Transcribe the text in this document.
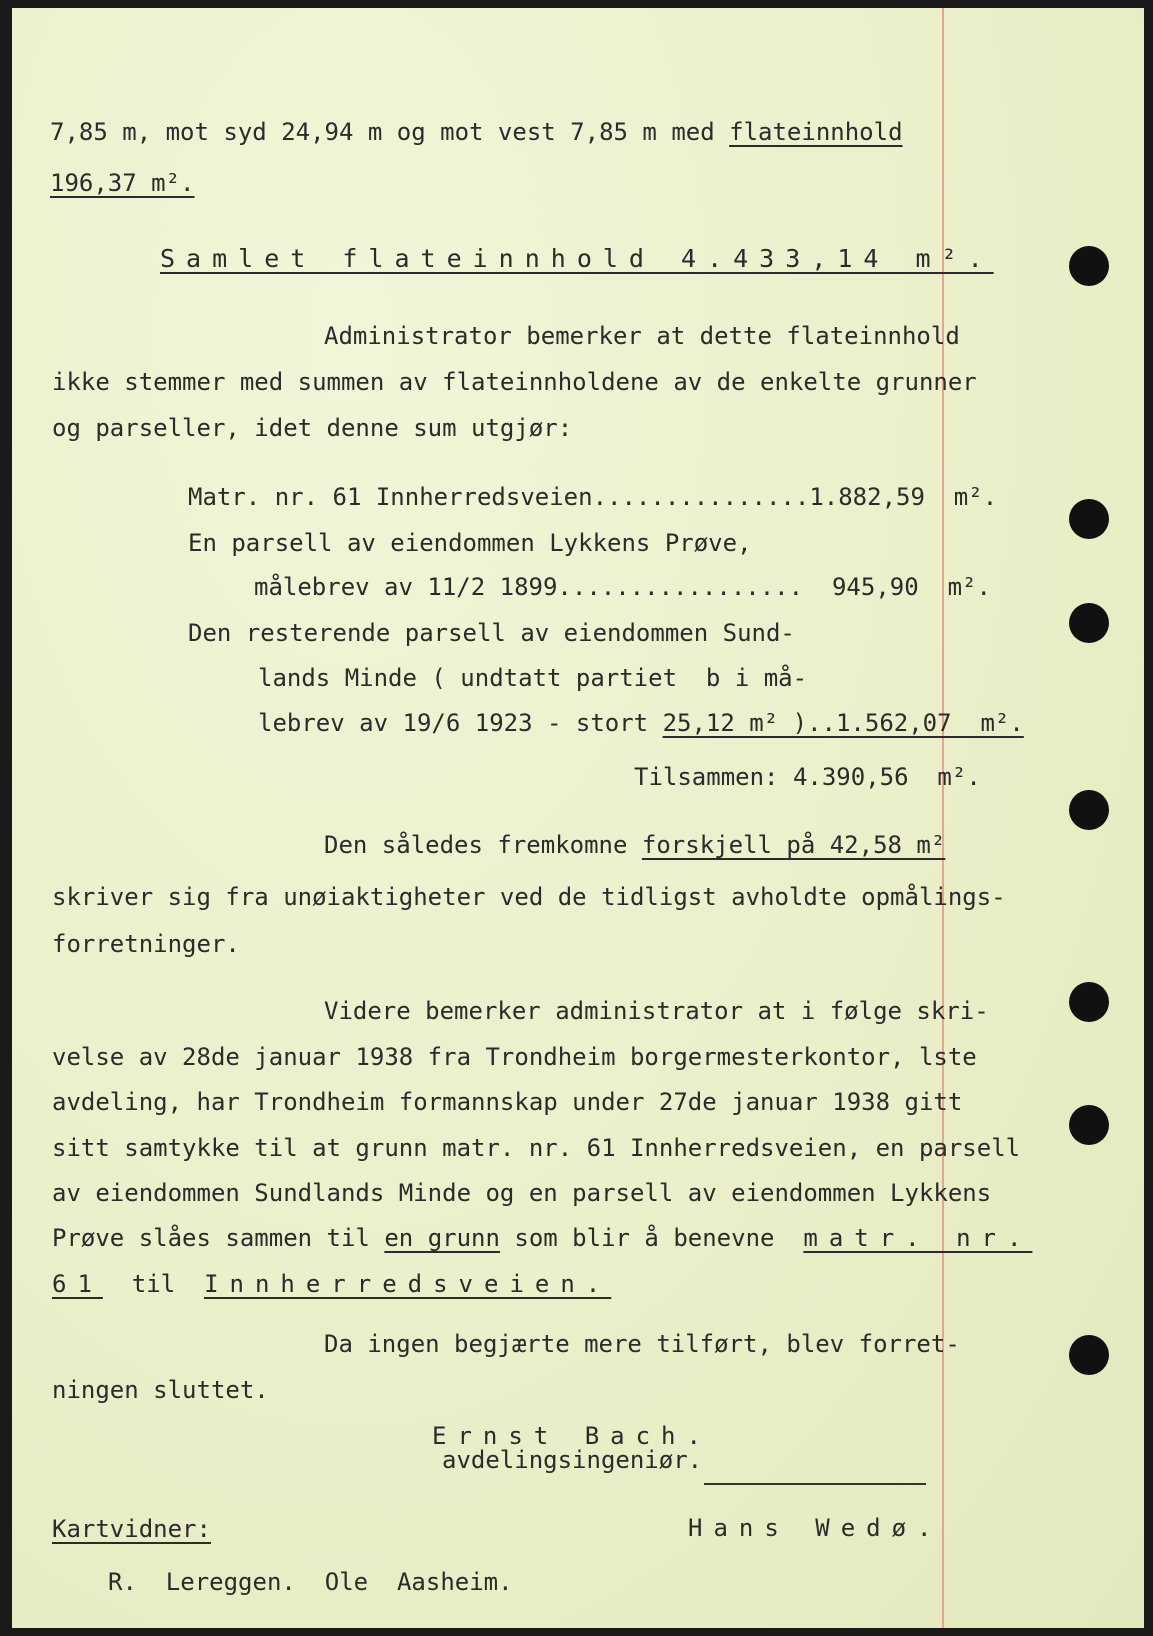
7,85 m, mot syd 24,94 m og mot vest 7,85 m med flateinnhold
196,37 m².
Samlet flateinnhold 4.433,14 m².
Administrator bemerker at dette flateinnhold
ikke stemmer med summen av flateinnholdene av de enkelte grunner
og parseller, idet denne sum utgjør:
Matr. nr. 61 Innherredsveien...............1.882,59  m².
En parsell av eiendommen Lykkens Prøve,
målebrev av 11/2 1899.................  945,90  m².
Den resterende parsell av eiendommen Sund-
lands Minde ( undtatt partiet  b i må-
lebrev av 19/6 1923 - stort 25,12 m² )..1.562,07  m².
Tilsammen: 4.390,56  m².
Den således fremkomne forskjell på 42,58 m²
skriver sig fra unøiaktigheter ved de tidligst avholdte opmålings-
forretninger.
Videre bemerker administrator at i følge skri-
velse av 28de januar 1938 fra Trondheim borgermesterkontor, lste
avdeling, har Trondheim formannskap under 27de januar 1938 gitt
sitt samtykke til at grunn matr. nr. 61 Innherredsveien, en parsell
av eiendommen Sundlands Minde og en parsell av eiendommen Lykkens
Prøve slåes sammen til en grunn som blir å benevne  matr. nr.
61  til  Innherredsveien.
Da ingen begjærte mere tilført, blev forret-
ningen sluttet.
Ernst Bach.
avdelingsingeniør.
Kartvidner:	Hans Wedø.
R.  Lereggen.  Ole  Aasheim.
